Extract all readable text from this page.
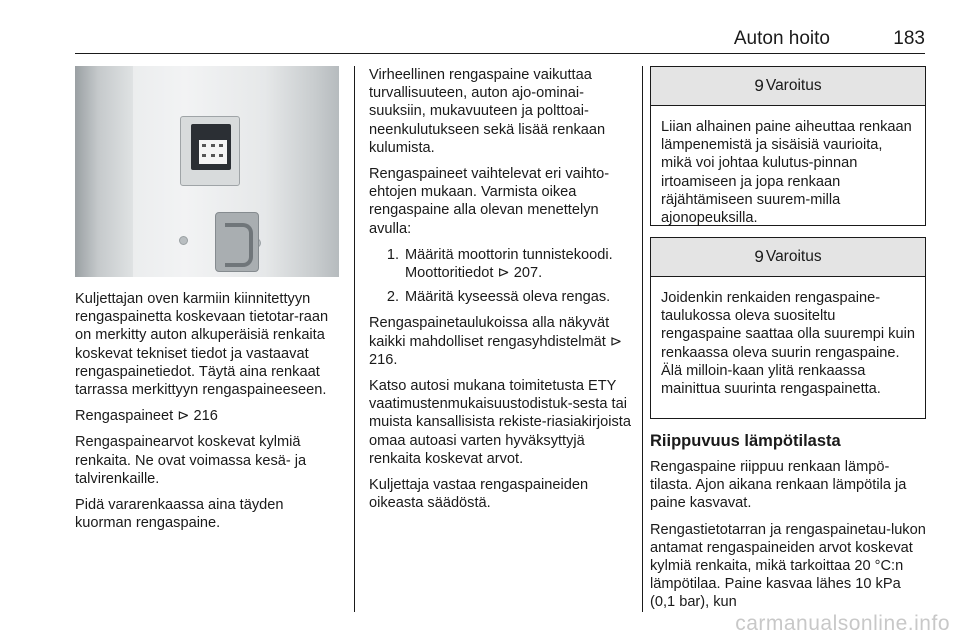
Auton hoito	183

Kuljettajan oven karmiin kiinnitettyyn rengaspainetta koskevaan tietotar-raan on merkitty auton alkuperäisiä renkaita koskevat tekniset tiedot ja vastaavat rengaspainetiedot. Täytä aina renkaat tarrassa merkittyyn rengaspaineeseen.

Rengaspaineet ⊳ 216

Rengaspainearvot koskevat kylmiä renkaita. Ne ovat voimassa kesä- ja talvirenkaille.

Pidä vararenkaassa aina täyden kuorman rengaspaine.

Virheellinen rengaspaine vaikuttaa turvallisuuteen, auton ajo-ominai-suuksiin, mukavuuteen ja polttoai-neenkulutukseen sekä lisää renkaan kulumista.

Rengaspaineet vaihtelevat eri vaihto-ehtojen mukaan. Varmista oikea rengaspaine alla olevan menettelyn avulla:

1. Määritä moottorin tunnistekoodi. Moottoritiedot ⊳ 207.
2. Määritä kyseessä oleva rengas.

Rengaspainetaulukoissa alla näkyvät kaikki mahdolliset rengasyhdistelmät ⊳ 216.

Katso autosi mukana toimitetusta ETY vaatimustenmukaisuustodistuk-sesta tai muista kansallisista rekiste-riasiakirjoista omaa autoasi varten hyväksyttyjä renkaita koskevat arvot.

Kuljettaja vastaa rengaspaineiden oikeasta säädöstä.

9 Varoitus
Liian alhainen paine aiheuttaa renkaan lämpenemistä ja sisäisiä vaurioita, mikä voi johtaa kulutus-pinnan irtoamiseen ja jopa renkaan räjähtämiseen suurem-milla ajonopeuksilla.
9 Varoitus
Joidenkin renkaiden rengaspaine-taulukossa oleva suositeltu rengaspaine saattaa olla suurempi kuin renkaassa oleva suurin rengaspaine. Älä milloin-kaan ylitä renkaassa mainittua suurinta rengaspainetta.
Riippuvuus lämpötilasta

Rengaspaine riippuu renkaan lämpö-tilasta. Ajon aikana renkaan lämpötila ja paine kasvavat.

Rengastietotarran ja rengaspainetau-lukon antamat rengaspaineiden arvot koskevat kylmiä renkaita, mikä tarkoittaa 20 °C:n lämpötilaa. Paine kasvaa lähes 10 kPa (0,1 bar), kun

carmanualsonline.info
